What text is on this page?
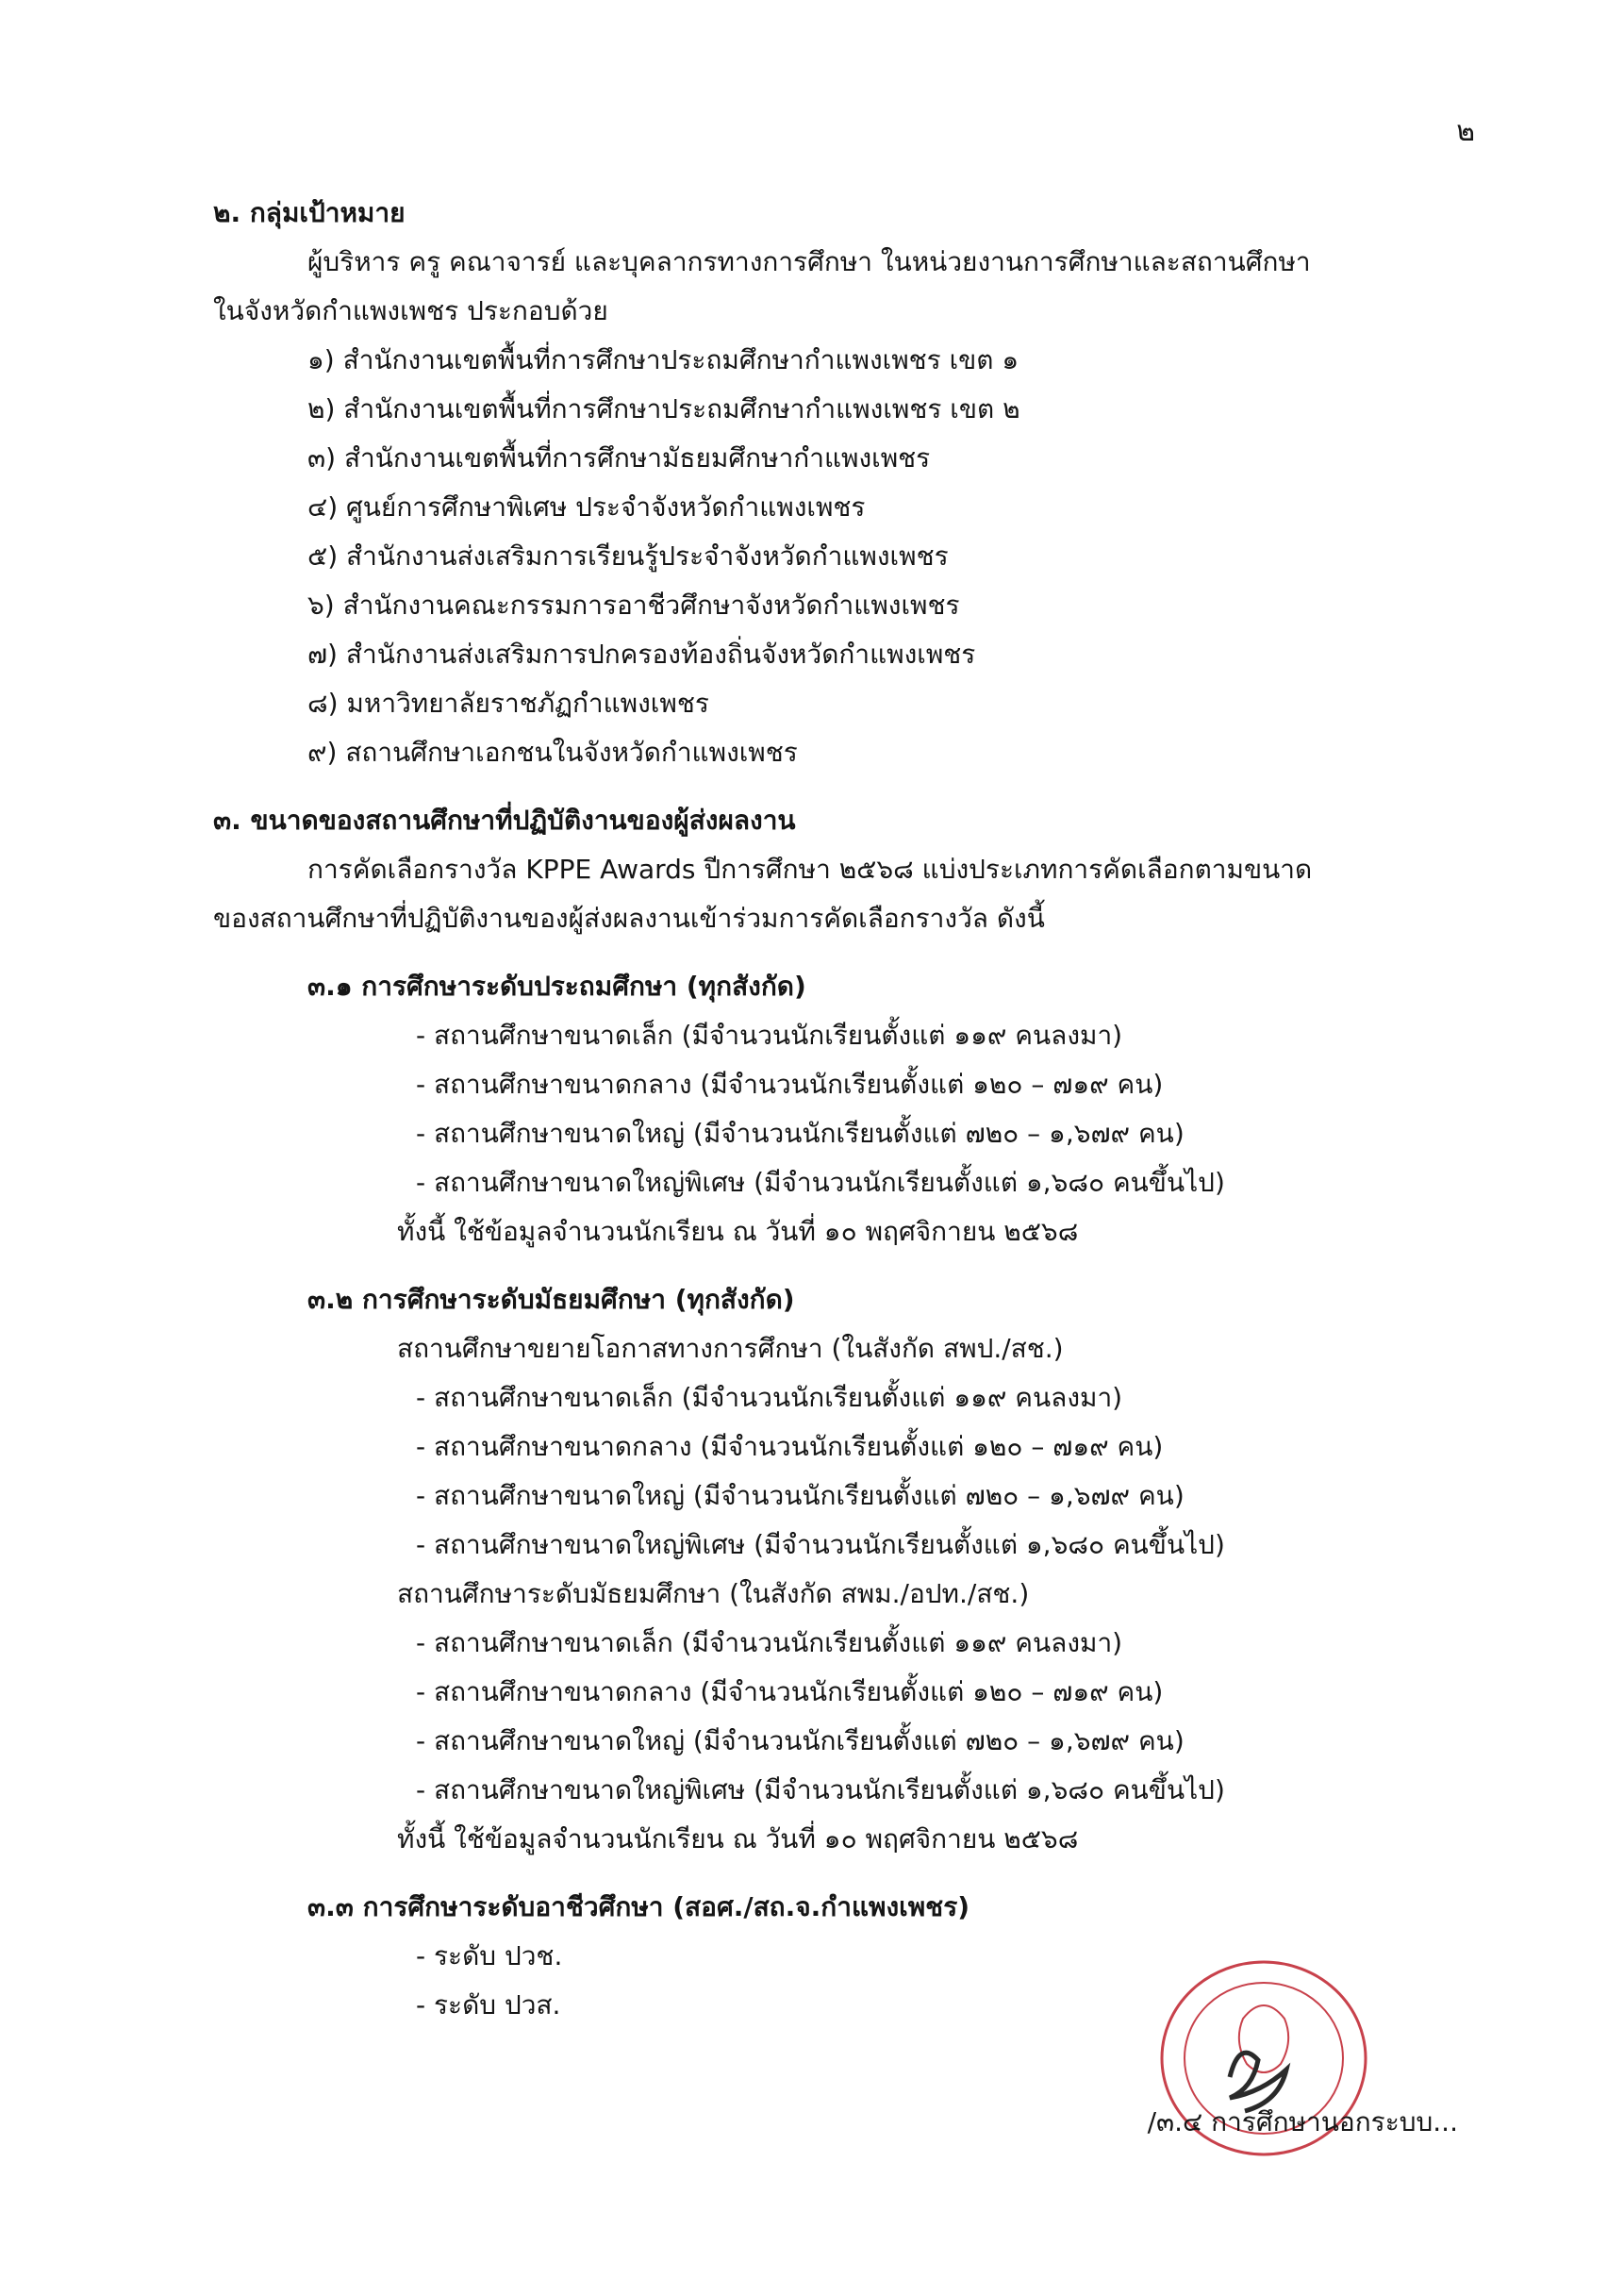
๒
๒. กลุ่มเป้าหมาย
ผู้บริหาร ครู คณาจารย์ และบุคลากรทางการศึกษา ในหน่วยงานการศึกษาและสถานศึกษา
ในจังหวัดกำแพงเพชร ประกอบด้วย
๑) สำนักงานเขตพื้นที่การศึกษาประถมศึกษากำแพงเพชร เขต ๑
๒) สำนักงานเขตพื้นที่การศึกษาประถมศึกษากำแพงเพชร เขต ๒
๓) สำนักงานเขตพื้นที่การศึกษามัธยมศึกษากำแพงเพชร
๔) ศูนย์การศึกษาพิเศษ ประจำจังหวัดกำแพงเพชร
๕) สำนักงานส่งเสริมการเรียนรู้ประจำจังหวัดกำแพงเพชร
๖) สำนักงานคณะกรรมการอาชีวศึกษาจังหวัดกำแพงเพชร
๗) สำนักงานส่งเสริมการปกครองท้องถิ่นจังหวัดกำแพงเพชร
๘) มหาวิทยาลัยราชภัฏกำแพงเพชร
๙) สถานศึกษาเอกชนในจังหวัดกำแพงเพชร
๓. ขนาดของสถานศึกษาที่ปฏิบัติงานของผู้ส่งผลงาน
การคัดเลือกรางวัล KPPE Awards ปีการศึกษา ๒๕๖๘ แบ่งประเภทการคัดเลือกตามขนาด
ของสถานศึกษาที่ปฏิบัติงานของผู้ส่งผลงานเข้าร่วมการคัดเลือกรางวัล ดังนี้
๓.๑ การศึกษาระดับประถมศึกษา (ทุกสังกัด)
- สถานศึกษาขนาดเล็ก (มีจำนวนนักเรียนตั้งแต่ ๑๑๙ คนลงมา)
- สถานศึกษาขนาดกลาง (มีจำนวนนักเรียนตั้งแต่ ๑๒๐ – ๗๑๙ คน)
- สถานศึกษาขนาดใหญ่ (มีจำนวนนักเรียนตั้งแต่ ๗๒๐ – ๑,๖๗๙ คน)
- สถานศึกษาขนาดใหญ่พิเศษ (มีจำนวนนักเรียนตั้งแต่ ๑,๖๘๐ คนขึ้นไป)
ทั้งนี้ ใช้ข้อมูลจำนวนนักเรียน ณ วันที่ ๑๐ พฤศจิกายน ๒๕๖๘
๓.๒ การศึกษาระดับมัธยมศึกษา (ทุกสังกัด)
สถานศึกษาขยายโอกาสทางการศึกษา (ในสังกัด สพป./สช.)
- สถานศึกษาขนาดเล็ก (มีจำนวนนักเรียนตั้งแต่ ๑๑๙ คนลงมา)
- สถานศึกษาขนาดกลาง (มีจำนวนนักเรียนตั้งแต่ ๑๒๐ – ๗๑๙ คน)
- สถานศึกษาขนาดใหญ่ (มีจำนวนนักเรียนตั้งแต่ ๗๒๐ – ๑,๖๗๙ คน)
- สถานศึกษาขนาดใหญ่พิเศษ (มีจำนวนนักเรียนตั้งแต่ ๑,๖๘๐ คนขึ้นไป)
สถานศึกษาระดับมัธยมศึกษา (ในสังกัด สพม./อปท./สช.)
- สถานศึกษาขนาดเล็ก (มีจำนวนนักเรียนตั้งแต่ ๑๑๙ คนลงมา)
- สถานศึกษาขนาดกลาง (มีจำนวนนักเรียนตั้งแต่ ๑๒๐ – ๗๑๙ คน)
- สถานศึกษาขนาดใหญ่ (มีจำนวนนักเรียนตั้งแต่ ๗๒๐ – ๑,๖๗๙ คน)
- สถานศึกษาขนาดใหญ่พิเศษ (มีจำนวนนักเรียนตั้งแต่ ๑,๖๘๐ คนขึ้นไป)
ทั้งนี้ ใช้ข้อมูลจำนวนนักเรียน ณ วันที่ ๑๐ พฤศจิกายน ๒๕๖๘
๓.๓ การศึกษาระดับอาชีวศึกษา (สอศ./สถ.จ.กำแพงเพชร)
- ระดับ ปวช.
- ระดับ ปวส.
/๓.๔ การศึกษานอกระบบ...
